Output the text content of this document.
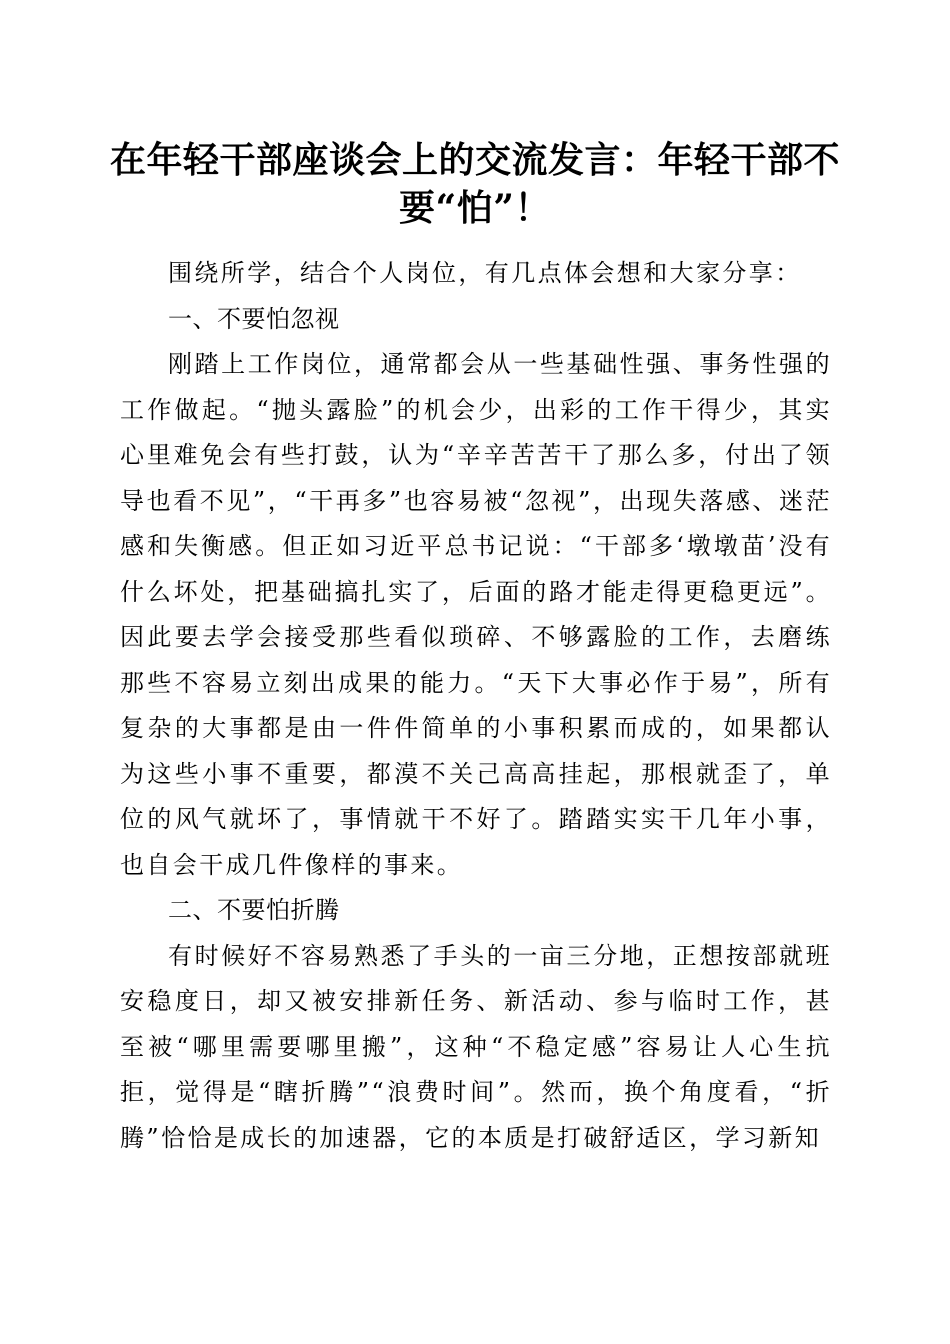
在年轻干部座谈会上的交流发言：年轻干部不要“怕”！

围绕所学，结合个人岗位，有几点体会想和大家分享：

一、不要怕忽视

刚踏上工作岗位，通常都会从一些基础性强、事务性强的工作做起。“抛头露脸”的机会少，出彩的工作干得少，其实心里难免会有些打鼓，认为“辛辛苦苦干了那么多，付出了领导也看不见”，“干再多”也容易被“忽视”，出现失落感、迷茫感和失衡感。但正如习近平总书记说：“干部多‘墩墩苗’没有什么坏处，把基础搞扎实了，后面的路才能走得更稳更远”。因此要去学会接受那些看似琐碎、不够露脸的工作，去磨练那些不容易立刻出成果的能力。“天下大事必作于易”，所有复杂的大事都是由一件件简单的小事积累而成的，如果都认为这些小事不重要，都漠不关己高高挂起，那根就歪了，单位的风气就坏了，事情就干不好了。踏踏实实干几年小事，也自会干成几件像样的事来。

二、不要怕折腾

有时候好不容易熟悉了手头的一亩三分地，正想按部就班安稳度日，却又被安排新任务、新活动、参与临时工作，甚至被“哪里需要哪里搬”，这种“不稳定感”容易让人心生抗拒，觉得是“瞎折腾”“浪费时间”。然而，换个角度看，“折腾”恰恰是成长的加速器，它的本质是打破舒适区，学习新知
